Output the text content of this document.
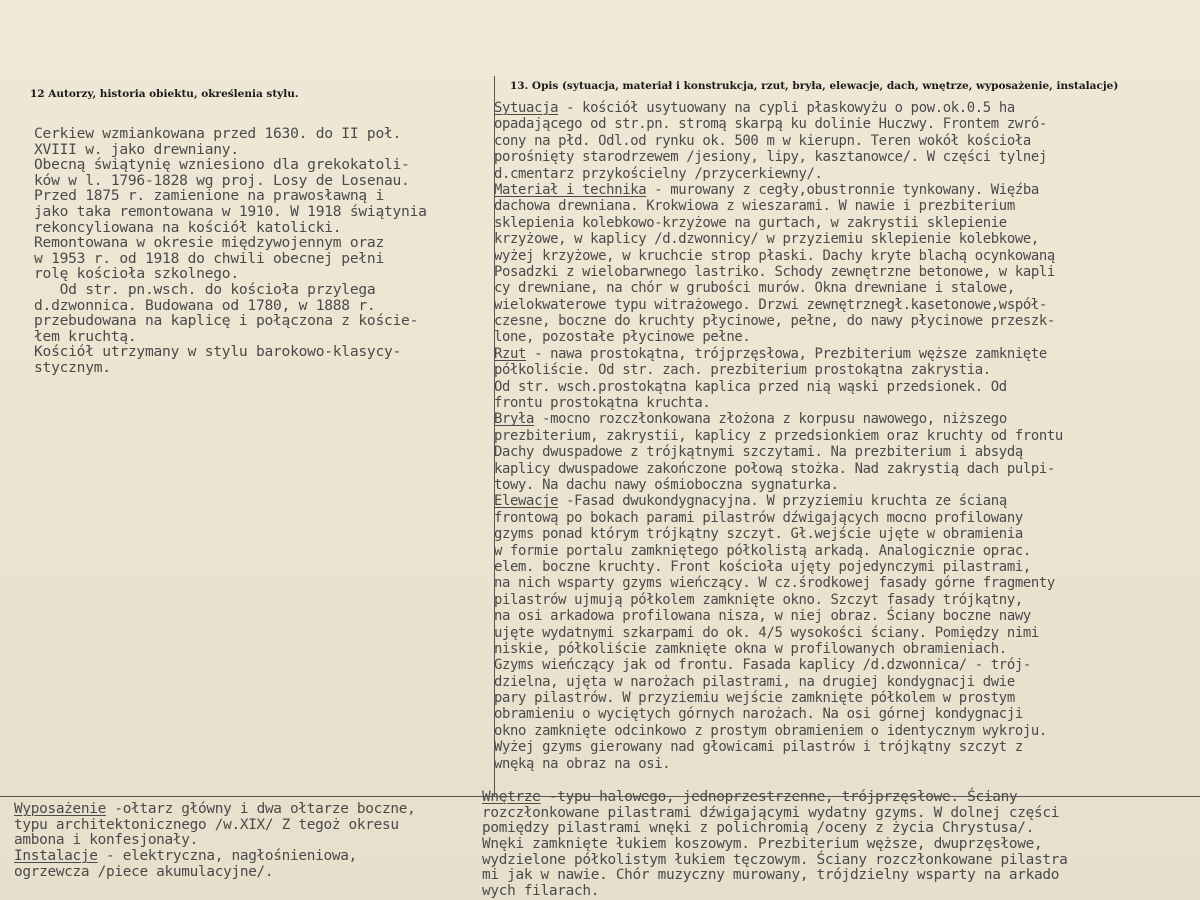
12 Autorzy, historia obiektu, określenia stylu.
13. Opis (sytuacja, materiał i konstrukcja, rzut, bryła, elewacje, dach, wnętrze, wyposażenie, instalacje)
Cerkiew wzmiankowana przed 1630. do II poł.
XVIII w. jako drewniany.
Obecną świątynię wzniesiono dla grekokatoli-
ków w l. 1796-1828 wg proj. Losy de Losenau.
Przed 1875 r. zamienione na prawosławną i
jako taka remontowana w 1910. W 1918 świątynia
rekoncyliowana na kościół katolicki.
Remontowana w okresie międzywojennym oraz
w 1953 r. od 1918 do chwili obecnej pełni
rolę kościoła szkolnego.
Od str. pn.wsch. do kościoła przylega
d.dzwonnica. Budowana od 1780, w 1888 r.
przebudowana na kaplicę i połączona z koście-
łem kruchtą.
Kościół utrzymany w stylu barokowo-klasycy-
stycznym.
Sytuacja - kościół usytuowany na cypli płaskowyżu o pow.ok.0.5 ha
opadającego od str.pn. stromą skarpą ku dolinie Huczwy. Frontem zwró-
cony na płd. Odl.od rynku ok. 500 m w kierupn. Teren wokół kościoła
porośnięty starodrzewem /jesiony, lipy, kasztanowce/. W części tylnej
d.cmentarz przykościelny /przycerkiewny/.
Materiał i technika - murowany z cegły,obustronnie tynkowany. Więźba
dachowa drewniana. Krokwiowa z wieszarami. W nawie i prezbiterium
sklepienia kolebkowo-krzyżowe na gurtach, w zakrystii sklepienie
krzyżowe, w kaplicy /d.dzwonnicy/ w przyziemiu sklepienie kolebkowe,
wyżej krzyżowe, w kruchcie strop płaski. Dachy kryte blachą ocynkowaną
Posadzki z wielobarwnego lastriko. Schody zewnętrzne betonowe, w kapli
cy drewniane, na chór w grubości murów. Okna drewniane i stalowe,
wielokwaterowe typu witrażowego. Drzwi zewnętrznegł.kasetonowe,współ-
czesne, boczne do kruchty płycinowe, pełne, do nawy płycinowe przeszk-
lone, pozostałe płycinowe pełne.
Rzut - nawa prostokątna, trójprzęsłowa, Prezbiterium węższe zamknięte
półkoliście. Od str. zach. prezbiterium prostokątna zakrystia.
Od str. wsch.prostokątna kaplica przed nią wąski przedsionek. Od
frontu prostokątna kruchta.
Bryła -mocno rozczłonkowana złożona z korpusu nawowego, niższego
prezbiterium, zakrystii, kaplicy z przedsionkiem oraz kruchty od frontu
Dachy dwuspadowe z trójkątnymi szczytami. Na prezbiterium i absydą
kaplicy dwuspadowe zakończone połową stożka. Nad zakrystią dach pulpi-
towy. Na dachu nawy ośmioboczna sygnaturka.
Elewacje -Fasad dwukondygnacyjna. W przyziemiu kruchta ze ścianą
frontową po bokach parami pilastrów dźwigających mocno profilowany
gzyms ponad którym trójkątny szczyt. Gł.wejście ujęte w obramienia
w formie portalu zamkniętego półkolistą arkadą. Analogicznie oprac.
elem. boczne kruchty. Front kościoła ujęty pojedynczymi pilastrami,
na nich wsparty gzyms wieńczący. W cz.środkowej fasady górne fragmenty
pilastrów ujmują półkolem zamknięte okno. Szczyt fasady trójkątny,
na osi arkadowa profilowana nisza, w niej obraz. Ściany boczne nawy
ujęte wydatnymi szkarpami do ok. 4/5 wysokości ściany. Pomiędzy nimi
niskie, półkoliście zamknięte okna w profilowanych obramieniach.
Gzyms wieńczący jak od frontu. Fasada kaplicy /d.dzwonnica/ - trój-
dzielna, ujęta w narożach pilastrami, na drugiej kondygnacji dwie
pary pilastrów. W przyziemiu wejście zamknięte półkolem w prostym
obramieniu o wyciętych górnych narożach. Na osi górnej kondygnacji
okno zamknięte odcinkowo z prostym obramieniem o identycznym wykroju.
Wyżej gzyms gierowany nad głowicami pilastrów i trójkątny szczyt z
wnęką na obraz na osi.
Wyposażenie -ołtarz główny i dwa ołtarze boczne,
typu architektonicznego /w.XIX/ Z tegoż okresu
ambona i konfesjonały.
Instalacje - elektryczna, nagłośnieniowa,
ogrzewcza /piece akumulacyjne/.
Wnętrze -typu halowego, jednoprzestrzenne, trójprzęsłowe. Ściany
rozczłonkowane pilastrami dźwigającymi wydatny gzyms. W dolnej części
pomiędzy pilastrami wnęki z polichromią /oceny z życia Chrystusa/.
Wnęki zamknięte łukiem koszowym. Prezbiterium węższe, dwuprzęsłowe,
wydzielone półkolistym łukiem tęczowym. Ściany rozczłonkowane pilastra
mi jak w nawie. Chór muzyczny murowany, trójdzielny wsparty na arkado
wych filarach.
